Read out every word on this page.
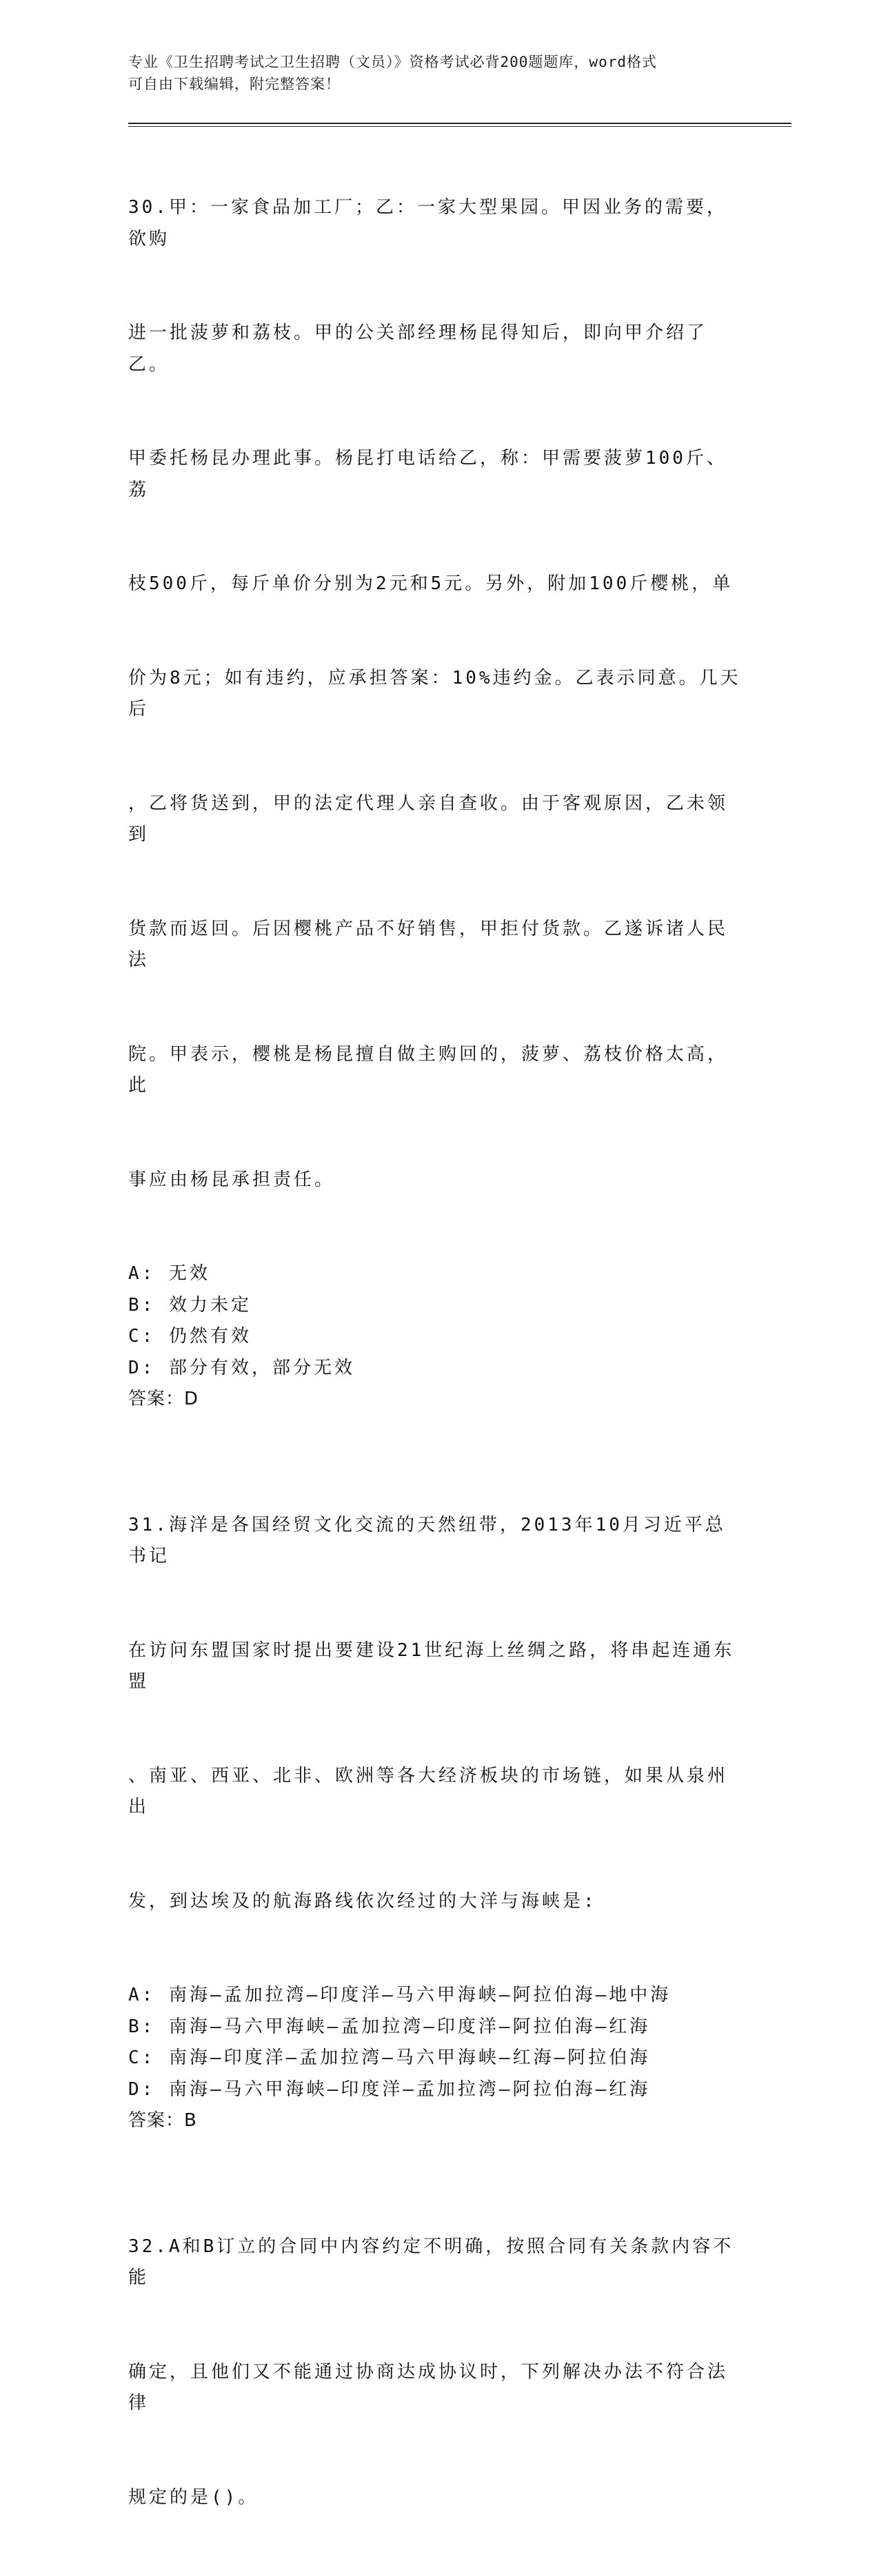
专业《卫生招聘考试之卫生招聘（文员）》资格考试必背200题题库，word格式
可自由下载编辑，附完整答案！

30.甲：一家食品加工厂；乙：一家大型果园。甲因业务的需要，欲购

进一批菠萝和荔枝。甲的公关部经理杨昆得知后，即向甲介绍了乙。

甲委托杨昆办理此事。杨昆打电话给乙，称：甲需要菠萝100斤、荔

枝500斤，每斤单价分别为2元和5元。另外，附加100斤樱桃，单

价为8元；如有违约，应承担答案：10%违约金。乙表示同意。几天后

，乙将货送到，甲的法定代理人亲自查收。由于客观原因，乙未领到

货款而返回。后因樱桃产品不好销售，甲拒付货款。乙遂诉诸人民法

院。甲表示，樱桃是杨昆擅自做主购回的，菠萝、荔枝价格太高，此

事应由杨昆承担责任。

A: 无效
B: 效力未定
C: 仍然有效
D: 部分有效，部分无效
答案：D

31.海洋是各国经贸文化交流的天然纽带，2013年10月习近平总书记

在访问东盟国家时提出要建设21世纪海上丝绸之路，将串起连通东盟

、南亚、西亚、北非、欧洲等各大经济板块的市场链，如果从泉州出

发，到达埃及的航海路线依次经过的大洋与海峡是:

A: 南海—孟加拉湾—印度洋—马六甲海峡—阿拉伯海—地中海
B: 南海—马六甲海峡—孟加拉湾—印度洋—阿拉伯海—红海
C: 南海—印度洋—孟加拉湾—马六甲海峡—红海—阿拉伯海
D: 南海—马六甲海峡—印度洋—孟加拉湾—阿拉伯海—红海
答案：B

32.A和B订立的合同中内容约定不明确，按照合同有关条款内容不能

确定，且他们又不能通过协商达成协议时，下列解决办法不符合法律

规定的是()。
